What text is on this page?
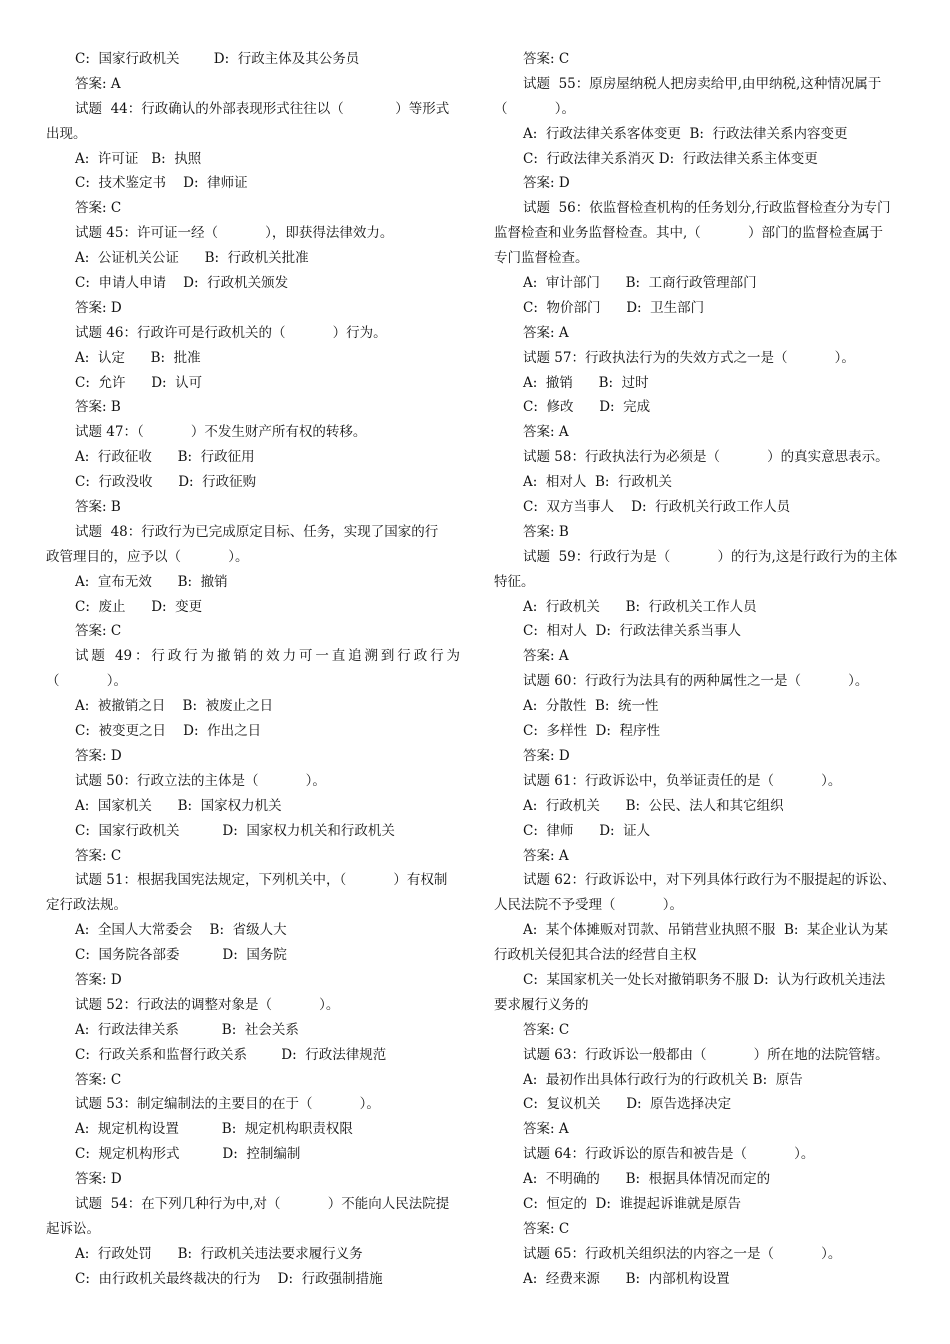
C:  国家行政机关        D:  行政主体及其公务员
答案: A
试题  44：行政确认的外部表现形式往往以（            ）等形式
出现。
A:  许可证   B:  执照
C:  技术鉴定书    D:  律师证
答案: C
试题 45：许可证一经（           ），即获得法律效力。
A:  公证机关公证      B:  行政机关批准
C:  申请人申请    D:  行政机关颁发
答案: D
试题 46：行政许可是行政机关的（           ）行为。
A:  认定      B:  批准
C:  允许      D:  认可
答案: B
试题 47：（           ）不发生财产所有权的转移。
A:  行政征收      B:  行政征用
C:  行政没收      D:  行政征购
答案: B
试题  48：行政行为已完成原定目标、任务，实现了国家的行
政管理目的，应予以（           ）。
A:  宣布无效      B:  撤销
C:  废止      D:  变更
答案: C
试题 49：行政行为撤销的效力可一直追溯到行政行为
（           ）。
A:  被撤销之日    B:  被废止之日
C:  被变更之日    D:  作出之日
答案: D
试题 50：行政立法的主体是（           ）。
A:  国家机关      B:  国家权力机关
C:  国家行政机关          D:  国家权力机关和行政机关
答案: C
试题 51：根据我国宪法规定，下列机关中，（           ）有权制
定行政法规。
A:  全国人大常委会    B:  省级人大
C:  国务院各部委          D:  国务院
答案: D
试题 52：行政法的调整对象是（           ）。
A:  行政法律关系          B:  社会关系
C:  行政关系和监督行政关系        D:  行政法律规范
答案: C
试题 53：制定编制法的主要目的在于（           ）。
A:  规定机构设置          B:  规定机构职责权限
C:  规定机构形式          D:  控制编制
答案: D
试题  54：在下列几种行为中,对（           ）不能向人民法院提
起诉讼。
A:  行政处罚      B:  行政机关违法要求履行义务
C:  由行政机关最终裁决的行为    D:  行政强制措施
答案: C
试题  55：原房屋纳税人把房卖给甲,由甲纳税,这种情况属于
（           ）。
A:  行政法律关系客体变更  B:  行政法律关系内容变更
C:  行政法律关系消灭 D:  行政法律关系主体变更
答案: D
试题  56：依监督检查机构的任务划分,行政监督检查分为专门
监督检查和业务监督检查。其中,（           ）部门的监督检查属于
专门监督检查。
A:  审计部门      B:  工商行政管理部门
C:  物价部门      D:  卫生部门
答案: A
试题 57：行政执法行为的失效方式之一是（           ）。
A:  撤销      B:  过时
C:  修改      D:  完成
答案: A
试题 58：行政执法行为必须是（           ）的真实意思表示。
A:  相对人  B:  行政机关
C:  双方当事人    D:  行政机关行政工作人员
答案: B
试题  59：行政行为是（           ）的行为,这是行政行为的主体
特征。
A:  行政机关      B:  行政机关工作人员
C:  相对人  D:  行政法律关系当事人
答案: A
试题 60：行政行为法具有的两种属性之一是（           ）。
A:  分散性  B:  统一性
C:  多样性  D:  程序性
答案: D
试题 61：行政诉讼中，负举证责任的是（           ）。
A:  行政机关      B:  公民、法人和其它组织
C:  律师      D:  证人
答案: A
试题 62：行政诉讼中，对下列具体行政行为不服提起的诉讼、
人民法院不予受理（           ）。
A:  某个体摊贩对罚款、吊销营业执照不服  B:  某企业认为某
行政机关侵犯其合法的经营自主权
C:  某国家机关一处长对撤销职务不服 D:  认为行政机关违法
要求履行义务的
答案: C
试题 63：行政诉讼一般都由（           ）所在地的法院管辖。
A:  最初作出具体行政行为的行政机关 B:  原告
C:  复议机关      D:  原告选择决定
答案: A
试题 64：行政诉讼的原告和被告是（           ）。
A:  不明确的      B:  根据具体情况而定的
C:  恒定的  D:  谁提起诉谁就是原告
答案: C
试题 65：行政机关组织法的内容之一是（           ）。
A:  经费来源      B:  内部机构设置
